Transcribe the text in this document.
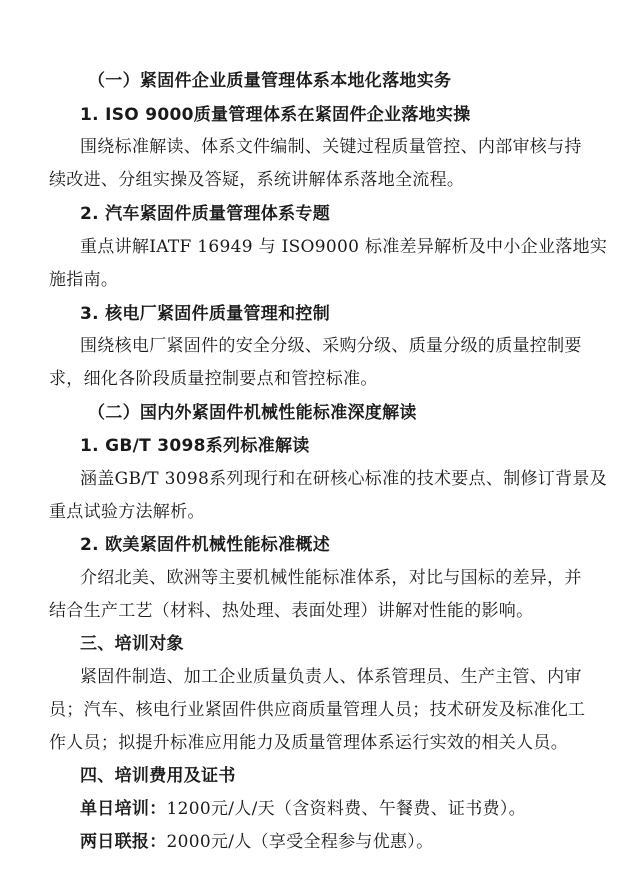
（一）紧固件企业质量管理体系本地化落地实务
1. ISO 9000质量管理体系在紧固件企业落地实操
围绕标准解读、体系文件编制、关键过程质量管控、内部审核与持
续改进、分组实操及答疑，系统讲解体系落地全流程。
2. 汽车紧固件质量管理体系专题
重点讲解IATF 16949 与 ISO9000 标准差异解析及中小企业落地实
施指南。
3. 核电厂紧固件质量管理和控制
围绕核电厂紧固件的安全分级、采购分级、质量分级的质量控制要
求，细化各阶段质量控制要点和管控标准。
（二）国内外紧固件机械性能标准深度解读
1. GB/T 3098系列标准解读
涵盖GB/T 3098系列现行和在研核心标准的技术要点、制修订背景及
重点试验方法解析。
2. 欧美紧固件机械性能标准概述
介绍北美、欧洲等主要机械性能标准体系，对比与国标的差异，并
结合生产工艺（材料、热处理、表面处理）讲解对性能的影响。
三、培训对象
紧固件制造、加工企业质量负责人、体系管理员、生产主管、内审
员；汽车、核电行业紧固件供应商质量管理人员；技术研发及标准化工
作人员；拟提升标准应用能力及质量管理体系运行实效的相关人员。
四、培训费用及证书
单日培训：1200元/人/天（含资料费、午餐费、证书费）。
两日联报：2000元/人（享受全程参与优惠）。
